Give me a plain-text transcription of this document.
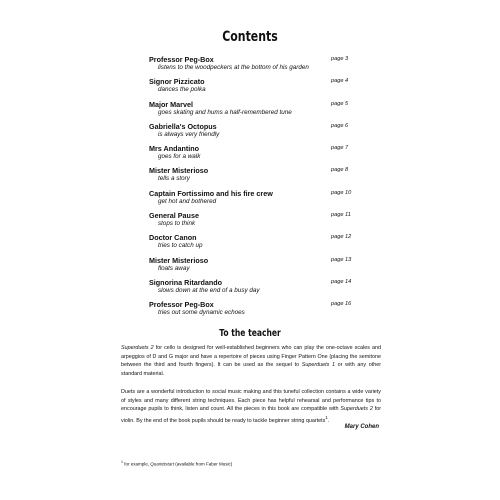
Contents
Professor Peg-Box
listens to the woodpeckers at the bottom of his garden
page 3
Signor Pizzicato
dances the polka
page 4
Major Marvel
goes skating and hums a half-remembered tune
page 5
Gabriella's Octopus
is always very friendly
page 6
Mrs Andantino
goes for a walk
page 7
Mister Misterioso
tells a story
page 8
Captain Fortissimo and his fire crew
get hot and bothered
page 10
General Pause
stops to think
page 11
Doctor Canon
tries to catch up
page 12
Mister Misterioso
floats away
page 13
Signorina Ritardando
slows down at the end of a busy day
page 14
Professor Peg-Box
tries out some dynamic echoes
page 16
To the teacher

Superduets 2 for cello is designed for well-established beginners who can play the one-octave scales and arpeggios of D and G major and have a repertoire of pieces using Finger Pattern One (placing the semitone between the third and fourth fingers). It can be used as the sequel to Superduets 1 or with any other standard material.

Duets are a wonderful introduction to social music making and this tuneful collection contains a wide variety of styles and many different string techniques. Each piece has helpful rehearsal and performance tips to encourage pupils to think, listen and count. All the pieces in this book are compatible with Superduets 2 for violin. By the end of the book pupils should be ready to tackle beginner string quartets$^1$.

Mary Cohen
$^1$ for example, Quartetstart (available from Faber Music)
